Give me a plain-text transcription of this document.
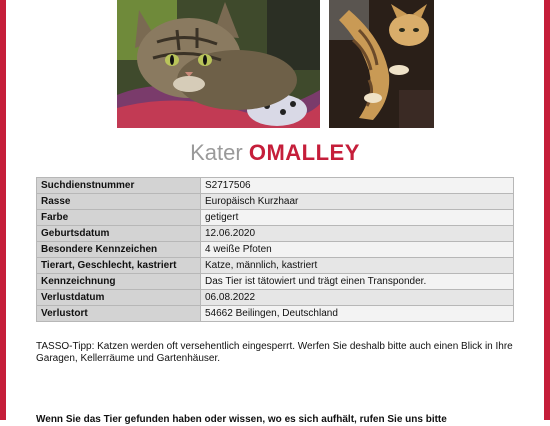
Kater OMALLEY
Suchdienstnummer	S2717506
Rasse	Europäisch Kurzhaar
Farbe	getigert
Geburtsdatum	12.06.2020
Besondere Kennzeichen	4 weiße Pfoten
Tierart, Geschlecht, kastriert	Katze, männlich, kastriert
Kennzeichnung	Das Tier ist tätowiert und trägt einen Transponder.
Verlustdatum	06.08.2022
Verlustort	54662 Beilingen, Deutschland
TASSO-Tipp: Katzen werden oft versehentlich eingesperrt. Werfen Sie deshalb bitte auch einen Blick in Ihre Garagen, Kellerräume und Gartenhäuser.
Wenn Sie das Tier gefunden haben oder wissen, wo es sich aufhält, rufen Sie uns bitte
